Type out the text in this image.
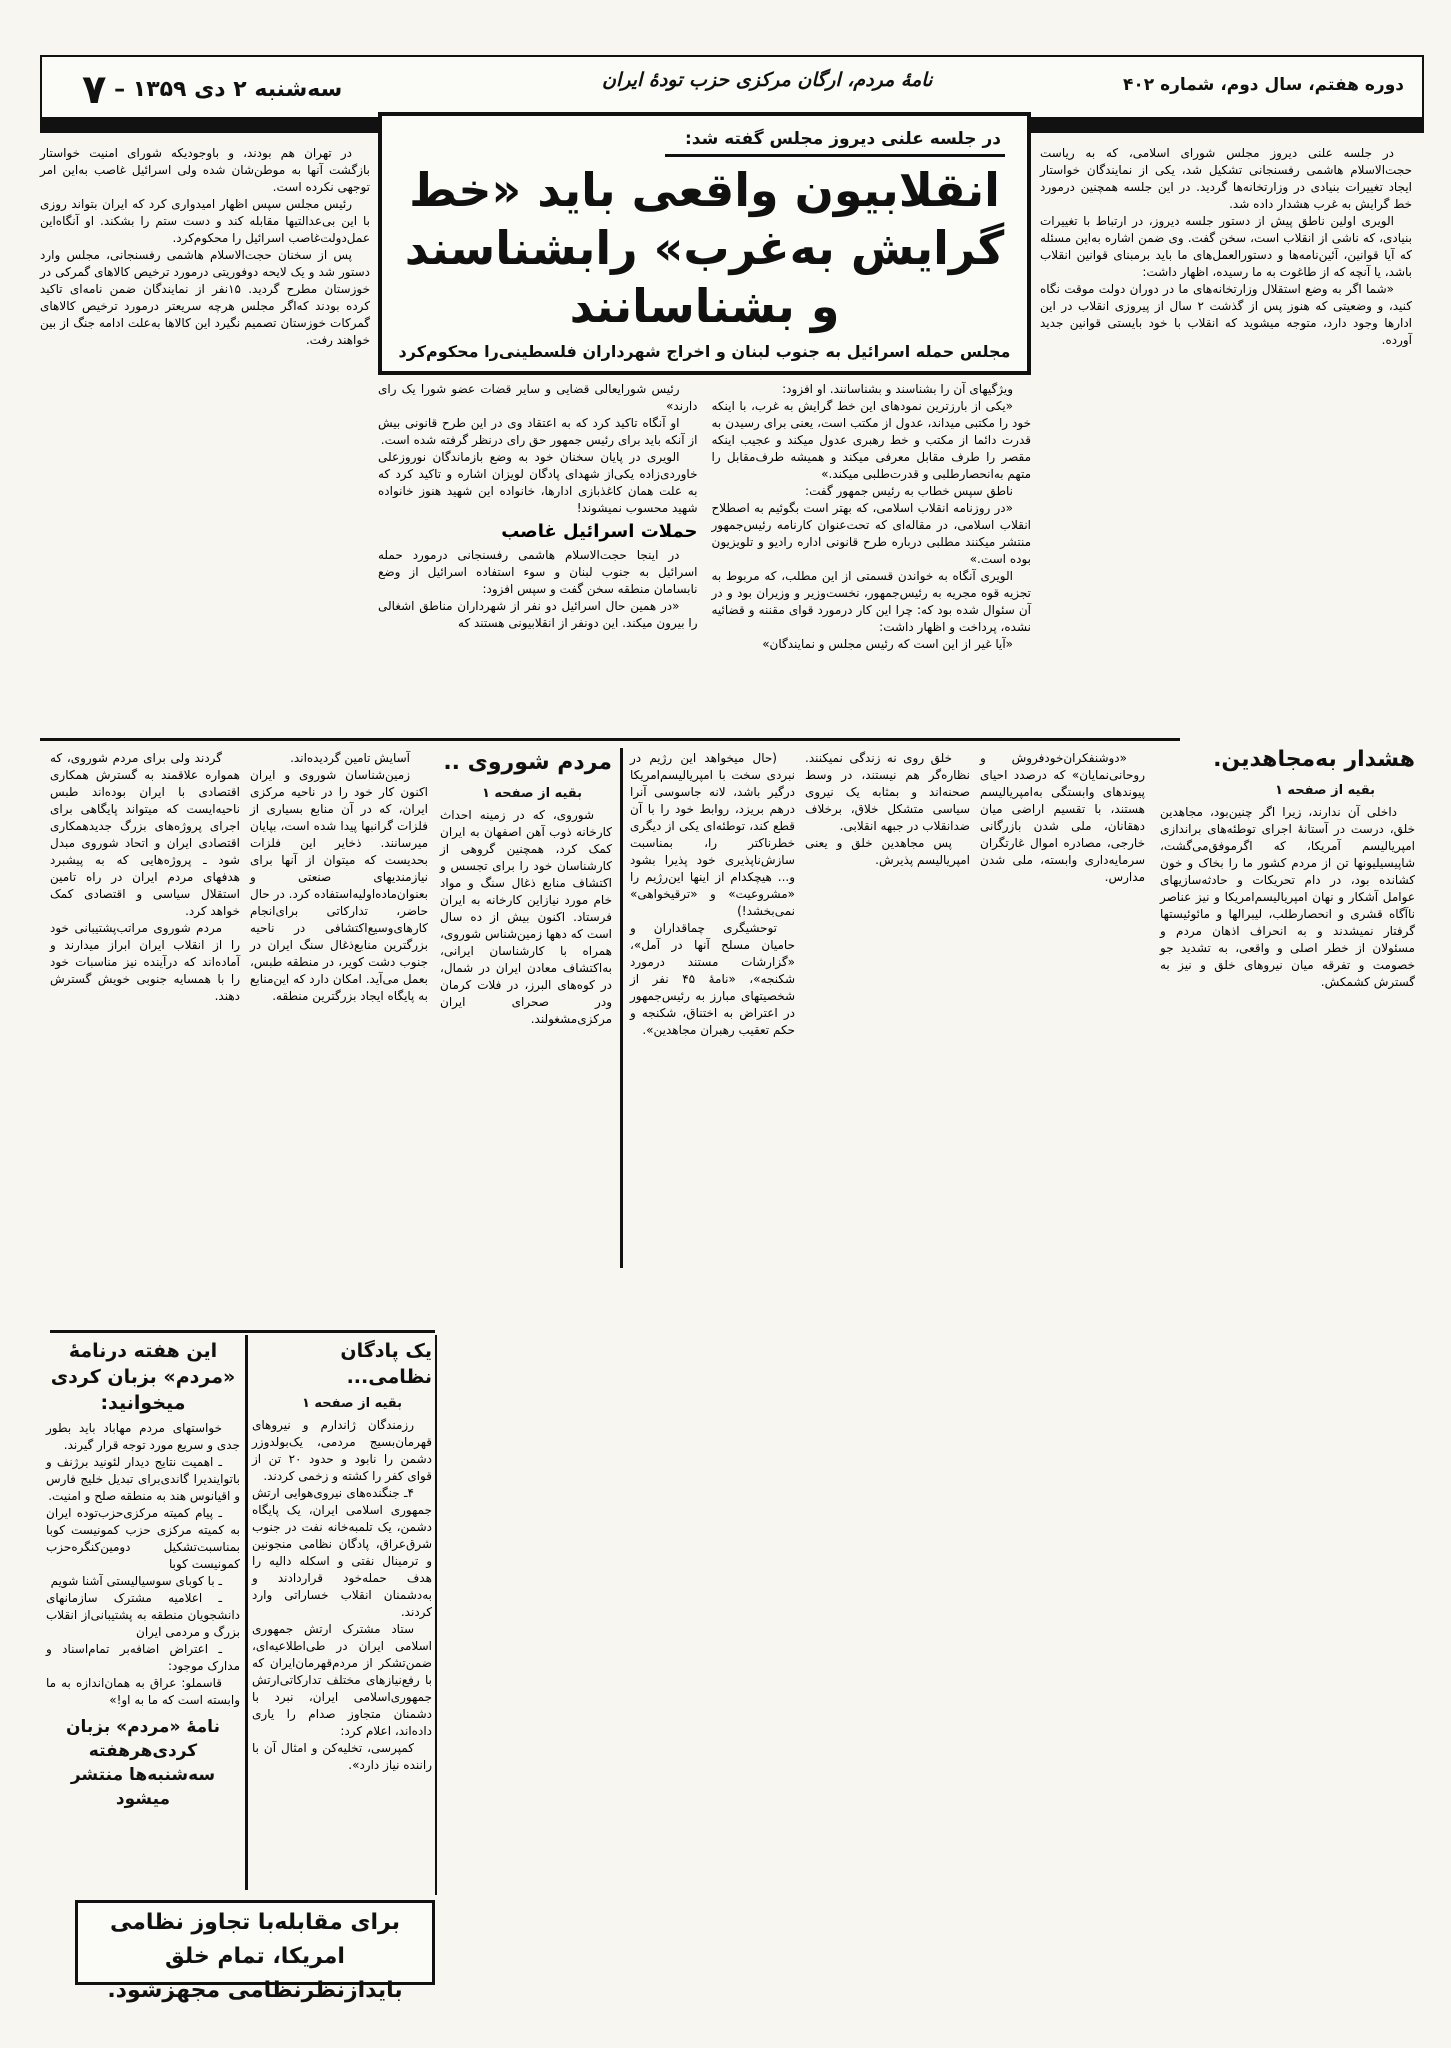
دوره هفتم، سال دوم، شماره ۴۰۲
نامهٔ مردم، ارگان مرکزی حزب تودهٔ ایران
سه‌شنبه ۲ دی ۱۳۵۹ – ۷

در جلسه علنی دیروز مجلس شورای اسلامی، که به ریاست حجت‌الاسلام هاشمی رفسنجانی تشکیل شد، یکی از نمایندگان خواستار ایجاد تغییرات بنیادی در وزارتخانه‌ها گردید. در این جلسه همچنین درمورد خط گرایش به غرب هشدار داده شد.

الویری اولین ناطق پیش از دستور جلسه دیروز، در ارتباط با تغییرات بنیادی، که ناشی از انقلاب است، سخن گفت. وی ضمن اشاره به‌این مسئله که آیا قوانین، آئین‌نامه‌ها و دستورالعمل‌های ما باید برمبنای قوانین انقلاب باشد، یا آنچه که از طاغوت به ما رسیده، اظهار داشت:

«شما اگر به وضع استقلال وزارتخانه‌های ما در دوران دولت موقت نگاه کنید، و وضعیتی که هنوز پس از گذشت ۲ سال از پیروزی انقلاب در این ادارها وجود دارد، متوجه میشوید که انقلاب با خود بایستی قوانین جدید آورده.

در جلسه علنی دیروز مجلس گفته شد:
انقلابیون واقعی باید «خط گرایش به‌غرب» رابشناسند و بشناسانند
مجلس حمله اسرائیل به جنوب لبنان و اخراج شهرداران فلسطینی‌را محکوم‌کرد

ویژگیهای آن را بشناسند و بشناسانند. او افزود:

«یکی از بارزترین نمودهای این خط گرایش به غرب، با اینکه خود را مکتبی میداند، عدول از مکتب است، یعنی برای رسیدن به قدرت دائما از مکتب و خط رهبری عدول میکند و عجیب اینکه مقصر را طرف مقابل معرفی میکند و همیشه طرف‌مقابل را متهم به‌انحصارطلبی و قدرت‌طلبی میکند.»

ناطق سپس خطاب به رئیس جمهور گفت:

«در روزنامه انقلاب اسلامی، که بهتر است بگوئیم به اصطلاح انقلاب اسلامی، در مقاله‌ای که تحت‌عنوان کارنامه رئیس‌جمهور منتشر میکنند مطلبی درباره طرح قانونی اداره رادیو و تلویزیون بوده است.»

الویری آنگاه به خواندن قسمتی از این مطلب، که مربوط به تجزیه قوه مجریه به رئیس‌جمهور، نخست‌وزیر و وزیران بود و در آن سئوال شده بود که: چرا این کار درمورد قوای مقننه و قضائیه نشده، پرداخت و اظهار داشت:

«آیا غیر از این است که رئیس مجلس و نمایندگان»

رئیس شورایعالی قضایی و سایر قضات عضو شورا یک رای دارند»

او آنگاه تاکید کرد که به اعتقاد وی در این طرح قانونی بیش از آنکه باید برای رئیس جمهور حق رای درنظر گرفته شده است.

الویری در پایان سخنان خود به وضع بازماندگان نوروزعلی خاوردی‌زاده یکی‌از شهدای پادگان لویزان اشاره و تاکید کرد که به علت همان کاغذبازی ادارها، خانواده این شهید هنوز خانواده شهید محسوب نمیشوند!

حملات اسرائیل غاصب

در اینجا حجت‌الاسلام هاشمی رفسنجانی درمورد حمله اسرائیل به جنوب لبنان و سوء استفاده اسرائیل از وضع نابسامان منطقه سخن گفت و سپس افزود:

«در همین حال اسرائیل دو نفر از شهرداران مناطق اشغالی را بیرون میکند. این دونفر از انقلابیونی هستند که

در تهران هم بودند، و باوجودیکه شورای امنیت خواستار بازگشت آنها به موطن‌شان شده ولی اسرائیل غاصب به‌این امر توجهی نکرده است.

رئیس مجلس سپس اظهار امیدواری کرد که ایران بتواند روزی با این بی‌عدالتیها مقابله کند و دست ستم را بشکند. او آنگاه‌این عمل‌دولت‌غاصب اسرائیل را محکوم‌کرد.

پس از سخنان حجت‌الاسلام هاشمی رفسنجانی، مجلس وارد دستور شد و یک لایحه دوفوریتی درمورد ترخیص کالا‌های گمرکی در خوزستان مطرح گردید. ۱۵نفر از نمایندگان ضمن نامه‌ای تاکید کرده بودند که‌اگر مجلس هرچه سریعتر درمورد ترخیص کالاهای گمرکات خوزستان تصمیم نگیرد این کالاها به‌علت ادامه جنگ از بین خواهند رفت.

هشدار به‌مجاهدین.
بقیه از صفحه ۱

داخلی آن ندارند، زیرا اگر چنین‌بود، مجاهدین خلق، درست در آستانهٔ اجرای توطئه‌های براندازی امپریالیسم آمریکا، که اگرموفق‌می‌گشت، شاپیسیلیونها تن از مردم کشور ما را بخاک و خون کشانده بود، در دام تحریکات و حادثه‌سازیهای عوامل آشکار و نهان امپریالیسم‌امریکا و نیز عناصر ناآگاه قشری و انحصارطلب، لیبرالها و مائوئیستها گرفتار نمیشدند و به انحراف اذهان مردم و مسئولان از خطر اصلی و واقعی، به تشدید جو خصومت و تفرقه میان نیروهای خلق و نیز به گسترش کشمکش.

«دوشنفکران‌خودفروش و روحانی‌نمایان» که درصدد احیای پیوندهای وابستگی به‌امپریالیسم هستند، با تقسیم اراضی میان دهقانان، ملی شدن بازرگانی خارجی، مصادره اموال غارتگران سرمایه‌داری وابسته، ملی شدن مدارس.

خلق روی نه زندگی نمیکنند. نظاره‌گر هم نیستند، در وسط صحنه‌اند و بمثابه یک نیروی سیاسی متشکل خلاق، برخلاف ضدانقلاب در جبهه انقلابی.

پس مجاهدین خلق و یعنی امپریالیسم پذیرش.

(حال میخواهد این رژیم در نبردی سخت با امپریالیسم‌امریکا درگیر باشد، لانه جاسوسی آنرا درهم بریزد، روابط خود را با آن قطع کند، توطئه‌ای یکی از دیگری خطرناکتر را، بمناسبت سازش‌ناپذیری خود پذیرا بشود و... هیچکدام از اینها این‌رژیم را «مشروعیت» و «ترقیخواهی» نمی‌بخشد!)

توحشیگری چماقداران و حامیان مسلح آنها در آمل»، «گزارشات مستند درمورد شکنجه»، «نامهٔ ۴۵ نفر از شخصیتهای مبارز به رئیس‌جمهور در اعتراض به اختناق، شکنجه و حکم تعقیب رهبران مجاهدین».

مردم شوروی ..
بقیه از صفحه ۱

شوروی، که در زمینه احداث کارخانه ذوب آهن اصفهان به ایران کمک کرد، همچنین گروهی از کارشناسان خود را برای تجسس و اکتشاف منابع ذغال سنگ و مواد خام مورد نیازاین کارخانه به ایران فرستاد. اکنون بیش از ده سال است که دهها زمین‌شناس شوروی، همراه با کارشناسان ایرانی، به‌اکتشاف معادن ایران در شمال، در کوه‌های البرز، در فلات کرمان ودر صحرای ایران مرکزی‌مشغولند.

آسایش تامین گردیده‌اند.

زمین‌شناسان شوروی و ایران اکنون کار خود را در ناحیه مرکزی ایران، که در آن منابع بسیاری از فلزات گرانبها پیدا شده است، بپایان میرسانند. ذخایر این فلزات بحدیست که میتوان از آنها برای نیازمندیهای صنعتی و بعنوان‌ماده‌اولیه‌استفاده کرد. در حال حاضر، تدارکاتی برای‌انجام کارهای‌وسیع‌اکتشافی در ناحیه بزرگترین منابع‌ذغال سنگ ایران در جنوب دشت کویر، در منطقه طبس، بعمل می‌آید. امکان دارد که این‌منابع به پایگاه ایجاد بزرگترین منطقه.

گردند ولی برای مردم شوروی، که همواره علاقمند به گسترش همکاری اقتصادی با ایران بوده‌اند طبس ناحیه‌ایست که میتواند پایگاهی برای اجرای پروژه‌های بزرگ جدیدهمکاری اقتصادی ایران و اتحاد شوروی مبدل شود ـ پروژه‌هایی که به پیشبرد هدفهای مردم ایران در راه تامین استقلال سیاسی و اقتصادی کمک خواهد کرد.

مردم شوروی مراتب‌پشتیبانی خود را از انقلاب ایران ابراز میدارند و آماده‌اند که درآینده نیز مناسبات خود را با همسایه جنوبی خویش گسترش دهند.

یک پادگان نظامی...
بقیه از صفحه ۱

رزمندگان ژاندارم و نیروهای قهرمان‌بسیج مردمی، یک‌بولدوزر دشمن را نابود و حدود ۲۰ تن از قوای کفر را کشته و زخمی کردند.

۴ـ جنگنده‌های نیروی‌هوایی ارتش جمهوری اسلامی ایران، یک پایگاه دشمن، یک تلمبه‌خانه نفت در جنوب شرق‌عراق، پادگان نظامی منجونین و ترمینال نفتی و اسکله دالیه را هدف حمله‌خود قراردادند و به‌دشمنان انقلاب خساراتی وارد کردند.

ستاد مشترک ارتش جمهوری اسلامی ایران در طی‌اطلاعیه‌ای، ضمن‌تشکر از مردم‌قهرمان‌ایران که با رفع‌نیازهای مختلف تدارکاتی‌ارتش جمهوری‌اسلامی ایران، نبرد با دشمنان متجاوز صدام را یاری داده‌اند، اعلام کرد:

کمپرسی، تخلیه‌کن و امثال آن با راننده نیاز دارد».

این هفته درنامهٔ «مردم» بزبان کردی میخوانید:

خواستهای مردم مهاباد باید بطور جدی و سریع مورد توجه قرار گیرند.

ـ اهمیت نتایج دیدار لئونید برژنف و باتوایندیرا گاندی‌برای تبدیل خلیج فارس و اقیانوس هند به منطقه صلح و امنیت.

ـ پیام کمیته مرکزی‌حزب‌توده ایران به کمیته مرکزی حزب کمونیست کوبا بمناسبت‌تشکیل دومین‌کنگره‌حزب کمونیست کوبا

ـ با کوبای سوسیالیستی آشنا شویم

ـ اعلامیه مشترک سازمانهای دانشجویان منطقه به پشتیبانی‌از انقلاب بزرگ و مردمی ایران

ـ اعتراض اضافه‌بر تمام‌اسناد و مدارک موجود:

قاسملو: عراق به همان‌اندازه به ما وابسته است که ما به او!»

نامهٔ «مردم» بزبان کردی‌هرهفته سه‌شنبه‌ها منتشر میشود
برای مقابله‌با تجاوز نظامی امریکا، تمام خلق بایدازنظرنظامی مجهزشود.
